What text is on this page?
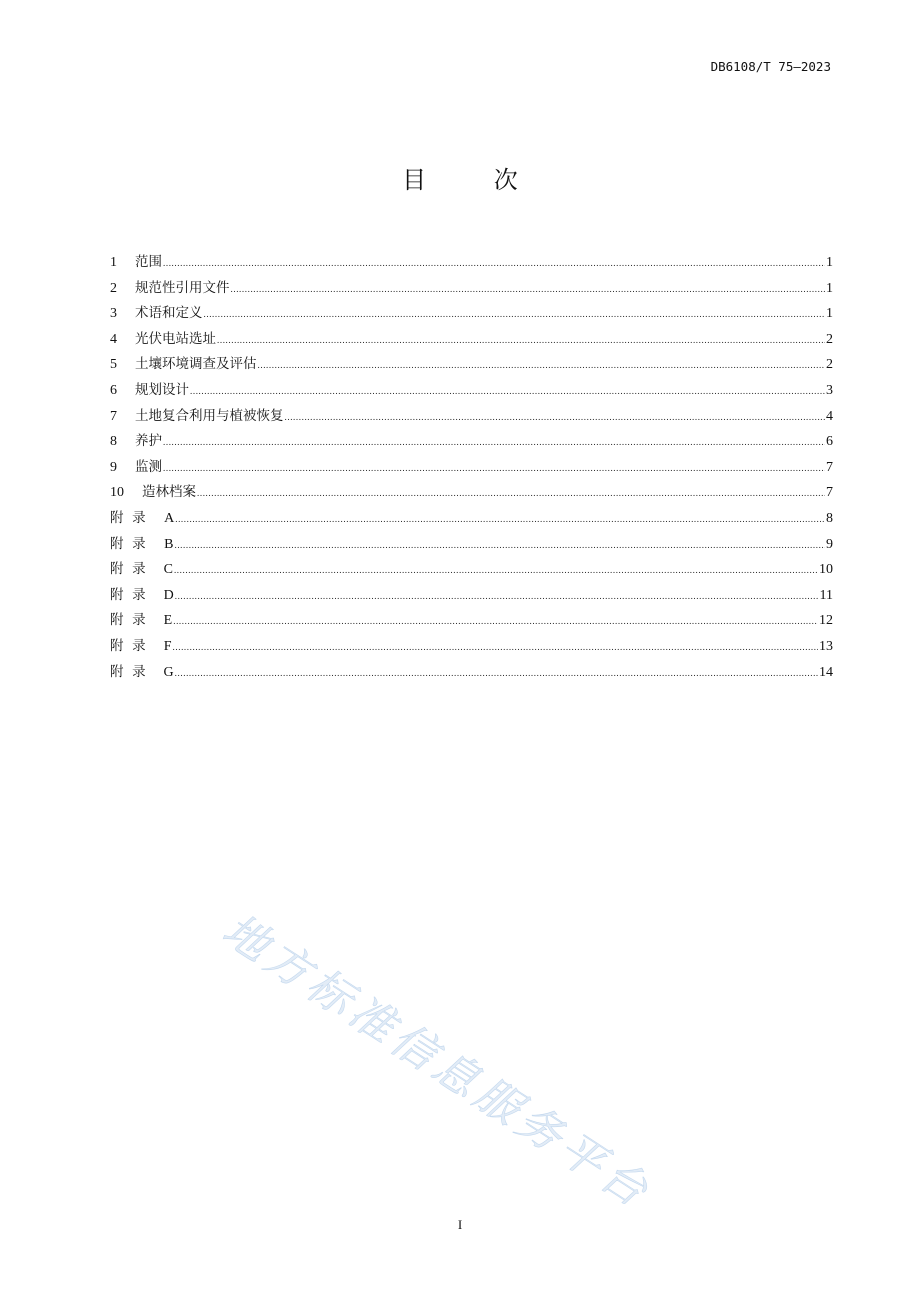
DB6108/T 75—2023
目 次
1	范围 .....	1
2	规范性引用文件 .....	1
3	术语和定义 .....	1
4	光伏电站选址 .....	2
5	土壤环境调查及评估 .....	2
6	规划设计 .....	3
7	土地复合利用与植被恢复 .....	4
8	养护 .....	6
9	监测 .....	7
10	造林档案 .....	7
附  录	A .....	8
附  录	B .....	9
附  录	C .....	10
附  录	D .....	11
附  录	E .....	12
附  录	F .....	13
附  录	G .....	14
地方标准信息服务平台
I
